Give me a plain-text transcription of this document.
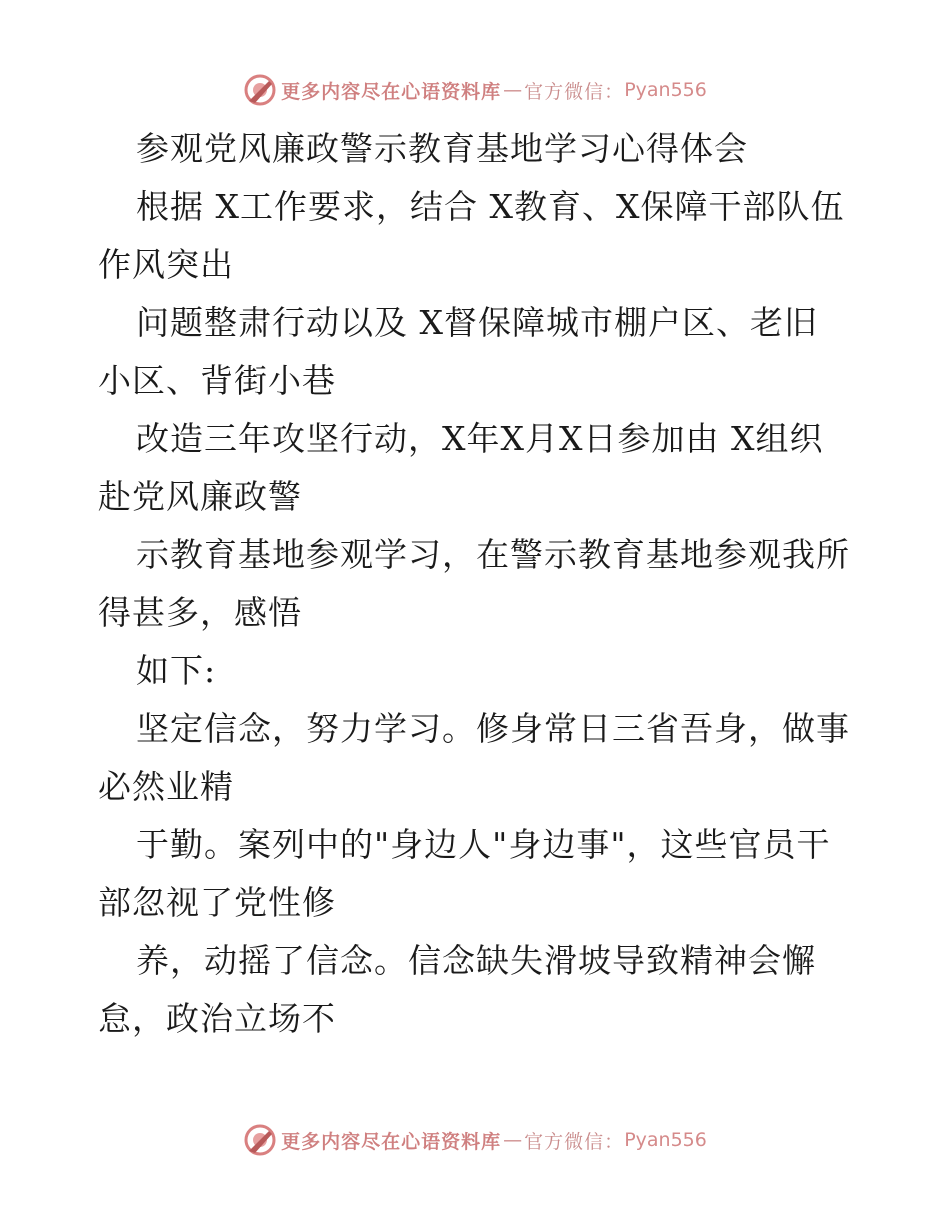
更多内容尽在心语资料库 — 官方微信： Pyan556
参观党风廉政警示教育基地学习心得体会
根据 X工作要求，结合 X教育、X保障干部队伍
作风突出
问题整肃行动以及 X督保障城市棚户区、老旧
小区、背街小巷
改造三年攻坚行动，X年X月X日参加由 X组织
赴党风廉政警
示教育基地参观学习，在警示教育基地参观我所
得甚多，感悟
如下:
坚定信念，努力学习。修身常日三省吾身，做事
必然业精
于勤。案列中的"身边人"身边事"，这些官员干
部忽视了党性修
养，动摇了信念。信念缺失滑坡导致精神会懈
怠，政治立场不
更多内容尽在心语资料库 — 官方微信： Pyan556
